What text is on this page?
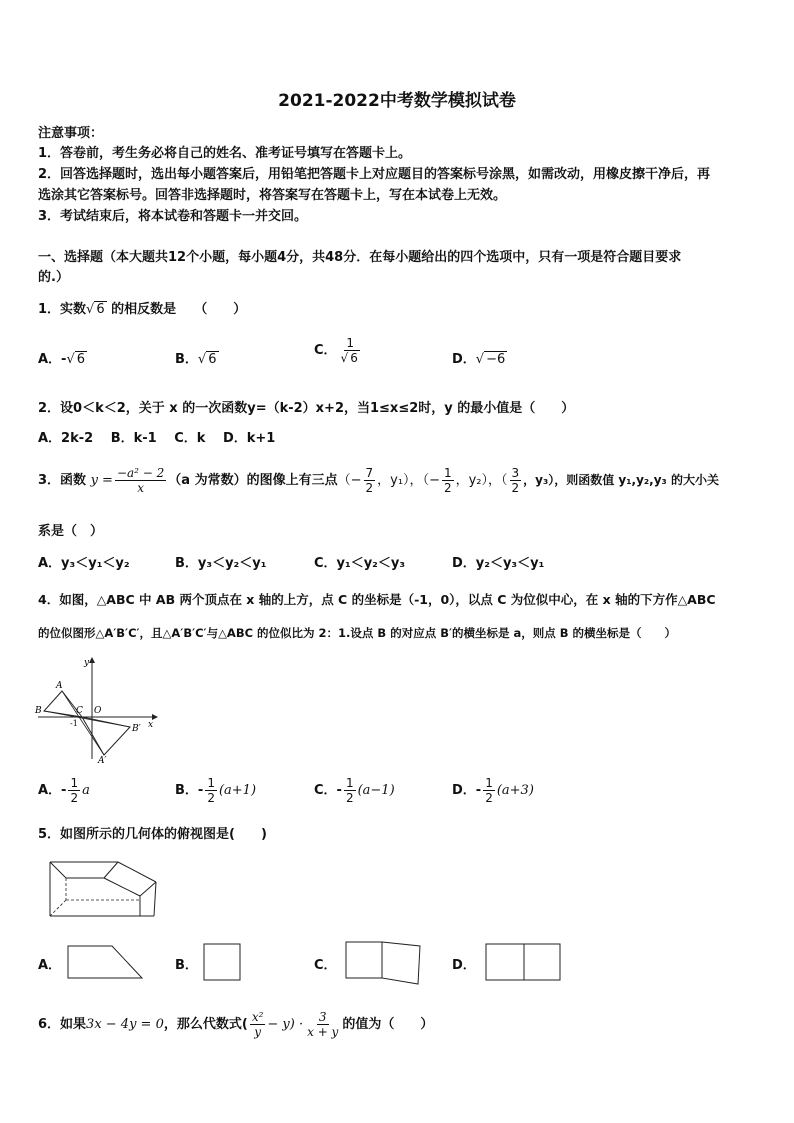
2021-2022中考数学模拟试卷
注意事项：
1．答卷前，考生务必将自己的姓名、准考证号填写在答题卡上。
2．回答选择题时，选出每小题答案后，用铅笔把答题卡上对应题目的答案标号涂黑，如需改动，用橡皮擦干净后，再
选涂其它答案标号。回答非选择题时，将答案写在答题卡上，写在本试卷上无效。
3．考试结束后，将本试卷和答题卡一并交回。
一、选择题（本大题共12个小题，每小题4分，共48分．在每小题给出的四个选项中，只有一项是符合题目要求
的.）
1．实数√ 6 的相反数是 （　　）
A．-√ 6	B．√ 6
C． $\frac{1}{√ 6}$	D．√ −6
2．设0＜k＜2，关于 x 的一次函数y=（k-2）x+2，当1≤x≤2时，y 的最小值是（　　）
A．2k-2　 B．k-1　 C．k　 D．k+1
3．函数 $y = \frac{\text{−a² − 2}}{x} (a$ 为常数）的图像上有三点（− $\frac{7}{2}$ ，y₁），（− $\frac{1}{2}$ ，y₂），（ $\frac{3}{2}$ ，y₃），则函数值 y₁,y₂,y₃ 的大小关
系是（　）
A．y₃＜y₁＜y₂	B．y₃＜y₂＜y₁	C．y₁＜y₂＜y₃	D．y₂＜y₃＜y₁
4．如图，△ABC 中 AB 两个顶点在 x 轴的上方，点 C 的坐标是（-1，0），以点 C 为位似中心，在 x 轴的下方作△ABC
的位似图形△A′B′C′，且△A′B′C′与△ABC 的位似比为 2：1.设点 B 的对应点 B′的横坐标是 a，则点 B 的横坐标是（　　）
y
x
A
B	C O
-1
B′
A′
A．- $\frac{1}{2}$ a	B．- $\frac{1}{2} (a+1)$	C．- $\frac{1}{2} (a-1)$	D．- $\frac{1}{2} (a+3)$
5．如图所示的几何体的俯视图是(　　)
A．	B．	C．	D．
6．如果3x − 4y = 0，那么代数式( $\frac{\text{x²}}{y} - y) \cdot \frac{3}{x + y}$ 的值为（　　）
